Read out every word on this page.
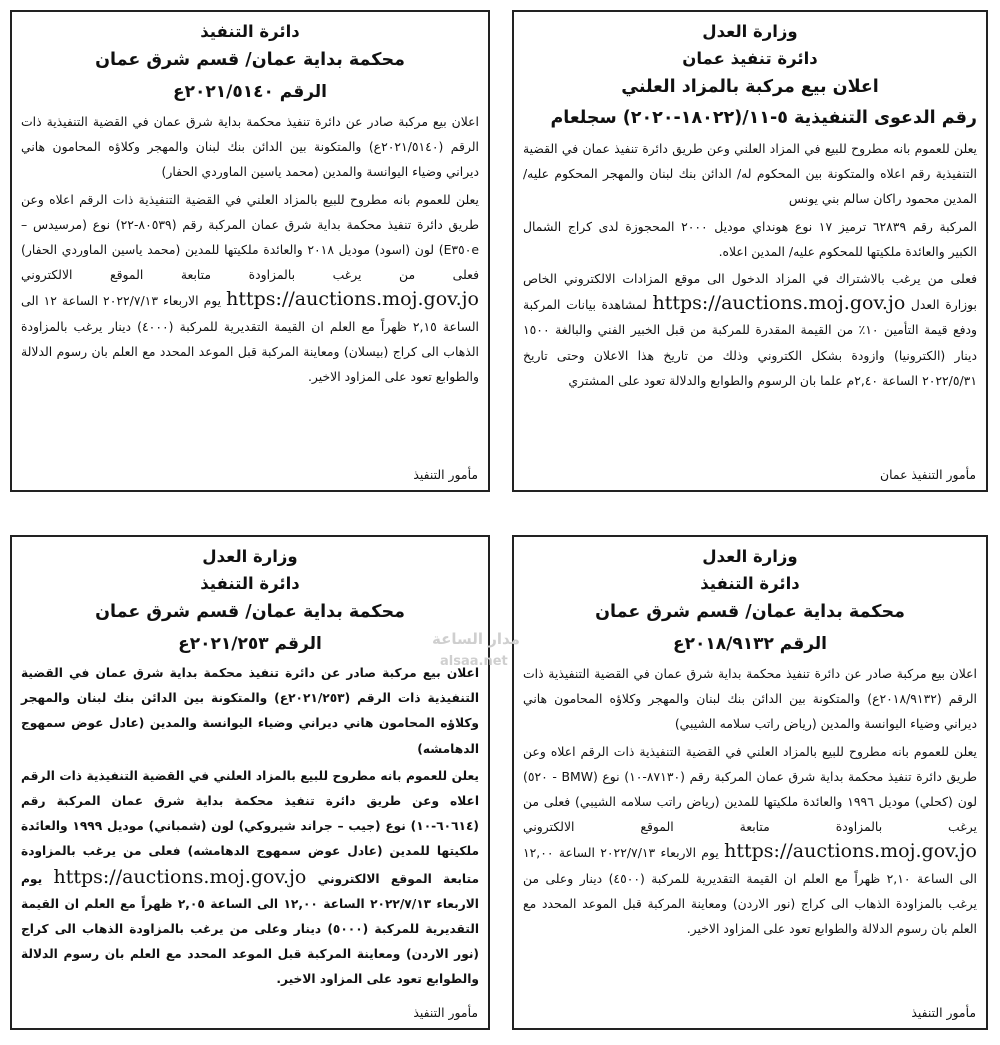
وزارة العدل

دائرة تنفيذ عمان

اعلان بيع مركبة بالمزاد العلني

رقم الدعوى التنفيذية ٥-١١/(١٨٠٢٢-٢٠٢٠) سجلعام

يعلن للعموم بانه مطروح للبيع في المزاد العلني وعن طريق دائرة تنفيذ عمان في القضية التنفيذية رقم اعلاه والمتكونة بين المحكوم له/ الدائن بنك لبنان والمهجر المحكوم عليه/ المدين محمود راكان سالم بني يونس

المركبة رقم ٦٢٨٣٩ ترميز ١٧ نوع هونداي موديل ٢٠٠٠ المحجوزة لدى كراج الشمال الكبير والعائدة ملكيتها للمحكوم عليه/ المدين اعلاه.

فعلى من يرغب بالاشتراك في المزاد الدخول الى موقع المزادات الالكتروني الخاص بوزارة العدل https://auctions.moj.gov.jo لمشاهدة بيانات المركبة ودفع قيمة التأمين ١٠٪ من القيمة المقدرة للمركبة من قبل الخبير الفني والبالغة ١٥٠٠ دينار (الكترونيا) وازودة بشكل الكتروني وذلك من تاريخ هذا الاعلان وحتى تاريخ ٢٠٢٢/٥/٣١ الساعة ٢,٤٠م علما بان الرسوم والطوابع والدلالة تعود على المشتري

مأمور التنفيذ عمان

دائرة التنفيذ

محكمة بداية عمان/ قسم شرق عمان

الرقم ٢٠٢١/٥١٤٠ع

اعلان بيع مركبة صادر عن دائرة تنفيذ محكمة بداية شرق عمان في القضية التنفيذية ذات الرقم (٢٠٢١/٥١٤٠ع) والمتكونة بين الدائن بنك لبنان والمهجر وكلاؤه المحامون هاني ديراني وضياء اليوانسة والمدين (محمد ياسين الماوردي الحفار)

يعلن للعموم بانه مطروح للبيع بالمزاد العلني في القضية التنفيذية ذات الرقم اعلاه وعن طريق دائرة تنفيذ محكمة بداية شرق عمان المركبة رقم (٨٠٥٣٩-٢٢) نوع (مرسيدس – E٣٥٠e) لون (اسود) موديل ٢٠١٨ والعائدة ملكيتها للمدين (محمد ياسين الماوردي الحفار) فعلى من يرغب بالمزاودة متابعة الموقع الالكتروني https://auctions.moj.gov.jo يوم الاربعاء ٢٠٢٢/٧/١٣ الساعة ١٢ الى الساعة ٢,١٥ ظهراً مع العلم ان القيمة التقديرية للمركبة (٤٠٠٠) دينار يرغب بالمزاودة الذهاب الى كراج (بيسلان) ومعاينة المركبة قبل الموعد المحدد مع العلم بان رسوم الدلالة والطوابع تعود على المزاود الاخير.

مأمور التنفيذ

وزارة العدل

دائرة التنفيذ

محكمة بداية عمان/ قسم شرق عمان

الرقم ٢٠١٨/٩١٣٢ع

اعلان بيع مركبة صادر عن دائرة تنفيذ محكمة بداية شرق عمان في القضية التنفيذية ذات الرقم (٢٠١٨/٩١٣٢ع) والمتكونة بين الدائن بنك لبنان والمهجر وكلاؤه المحامون هاني ديراني وضياء اليوانسة والمدين (رياض راتب سلامه الشيبي)

يعلن للعموم بانه مطروح للبيع بالمزاد العلني في القضية التنفيذية ذات الرقم اعلاه وعن طريق دائرة تنفيذ محكمة بداية شرق عمان المركبة رقم (٨٧١٣٠-١٠) نوع (BMW - ٥٢٠) لون (كحلي) موديل ١٩٩٦ والعائدة ملكيتها للمدين (رياض راتب سلامه الشيبي) فعلى من يرغب بالمزاودة متابعة الموقع الالكتروني https://auctions.moj.gov.jo يوم الاربعاء ٢٠٢٢/٧/١٣ الساعة ١٢,٠٠ الى الساعة ٢,١٠ ظهراً مع العلم ان القيمة التقديرية للمركبة (٤٥٠٠) دينار وعلى من يرغب بالمزاودة الذهاب الى كراج (نور الاردن) ومعاينة المركبة قبل الموعد المحدد مع العلم بان رسوم الدلالة والطوابع تعود على المزاود الاخير.

مأمور التنفيذ

وزارة العدل

دائرة التنفيذ

محكمة بداية عمان/ قسم شرق عمان

الرقم ٢٠٢١/٢٥٣ع

اعلان بيع مركبة صادر عن دائرة تنفيذ محكمة بداية شرق عمان في القضية التنفيذية ذات الرقم (٢٠٢١/٢٥٣ع) والمتكونة بين الدائن بنك لبنان والمهجر وكلاؤه المحامون هاني ديراني وضياء اليوانسة والمدين (عادل عوض سمهوج الدهامشه)

يعلن للعموم بانه مطروح للبيع بالمزاد العلني في القضية التنفيذية ذات الرقم اعلاه وعن طريق دائرة تنفيذ محكمة بداية شرق عمان المركبة رقم (٦٠٦١٤-١٠) نوع (جيب – جراند شيروكي) لون (شمباني) موديل ١٩٩٩ والعائدة ملكيتها للمدين (عادل عوض سمهوج الدهامشه) فعلى من يرغب بالمزاودة متابعة الموقع الالكتروني https://auctions.moj.gov.jo يوم الاربعاء ٢٠٢٢/٧/١٣ الساعة ١٢,٠٠ الى الساعة ٢,٠٥ ظهراً مع العلم ان القيمة التقديرية للمركبة (٥٠٠٠) دينار وعلى من يرغب بالمزاودة الذهاب الى كراج (نور الاردن) ومعاينة المركبة قبل الموعد المحدد مع العلم بان رسوم الدلالة والطوابع تعود على المزاود الاخير.

مأمور التنفيذ

مدار الساعة
alsaa.net
